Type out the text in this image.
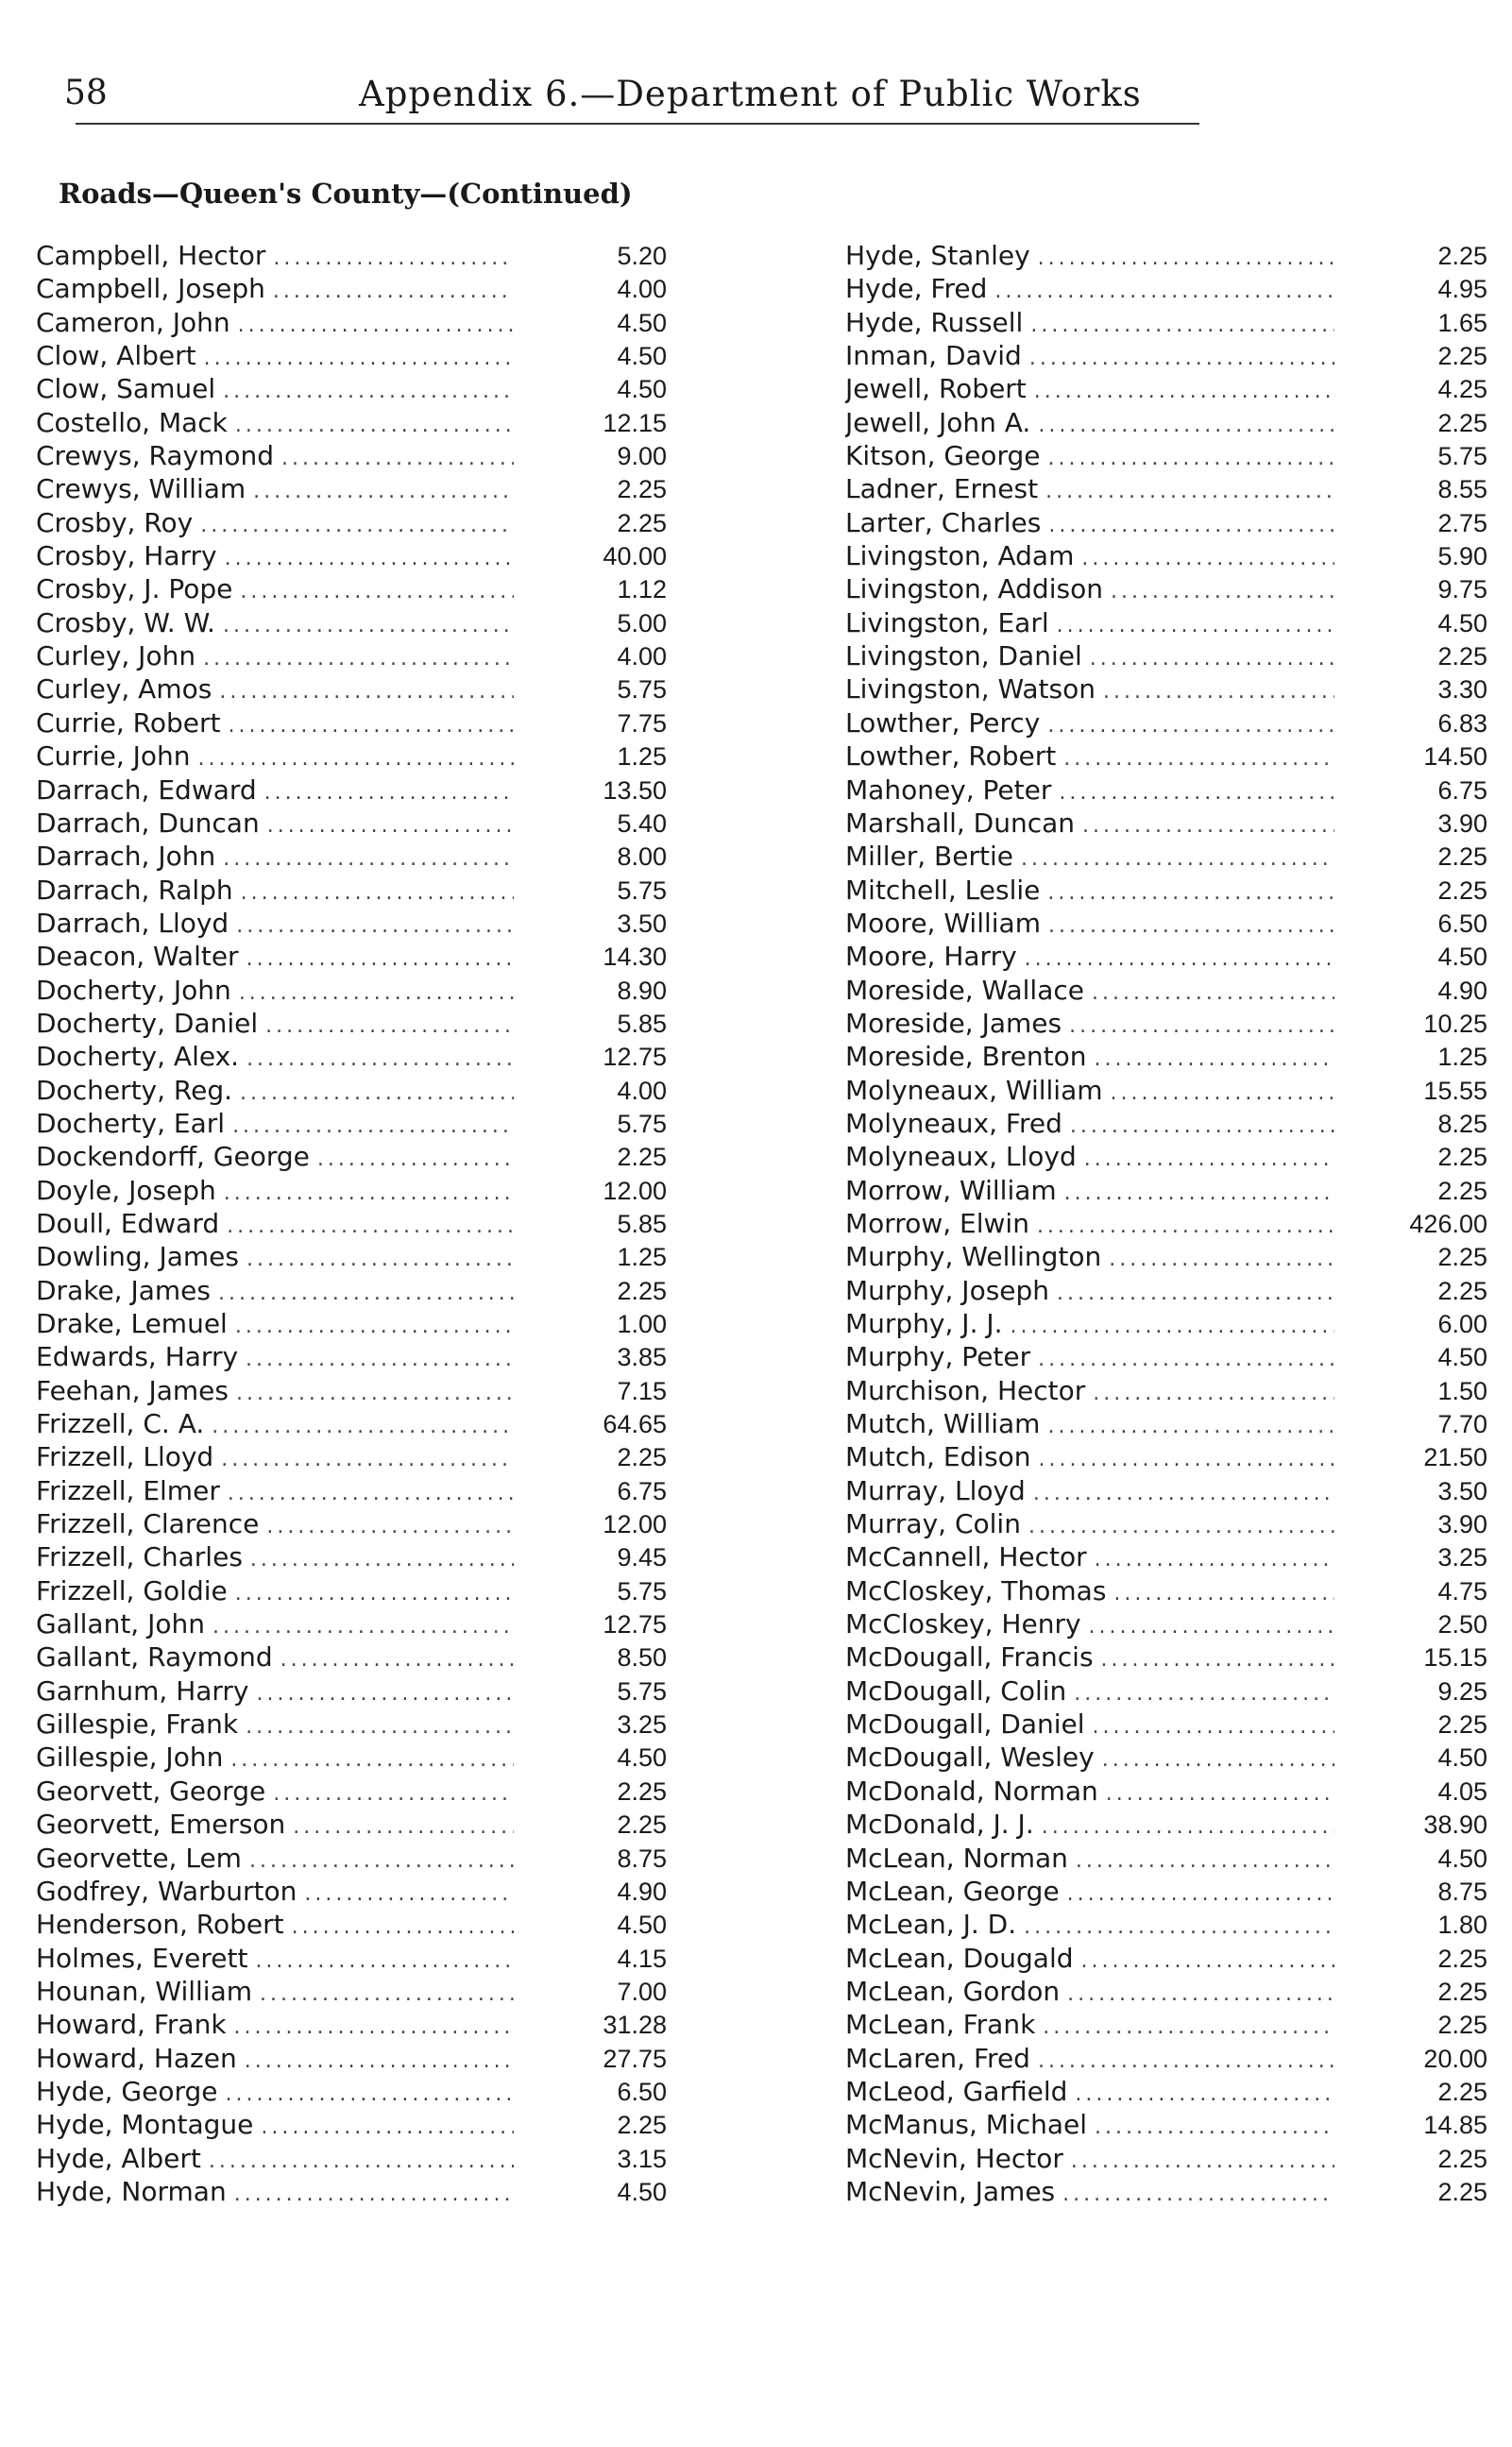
58	Appendix 6.—Department of Public Works
Roads—Queen's County—(Continued)
Campbell, Hector .....	5.20
Campbell, Joseph .....	4.00
Cameron, John .....	4.50
Clow, Albert .....	4.50
Clow, Samuel .....	4.50
Costello, Mack .....	12.15
Crewys, Raymond .....	9.00
Crewys, William .....	2.25
Crosby, Roy .....	2.25
Crosby, Harry .....	40.00
Crosby, J. Pope .....	1.12
Crosby, W. W. .....	5.00
Curley, John .....	4.00
Curley, Amos .....	5.75
Currie, Robert .....	7.75
Currie, John .....	1.25
Darrach, Edward .....	13.50
Darrach, Duncan .....	5.40
Darrach, John .....	8.00
Darrach, Ralph .....	5.75
Darrach, Lloyd .....	3.50
Deacon, Walter .....	14.30
Docherty, John .....	8.90
Docherty, Daniel .....	5.85
Docherty, Alex. .....	12.75
Docherty, Reg. .....	4.00
Docherty, Earl .....	5.75
Dockendorff, George .....	2.25
Doyle, Joseph .....	12.00
Doull, Edward .....	5.85
Dowling, James .....	1.25
Drake, James .....	2.25
Drake, Lemuel .....	1.00
Edwards, Harry .....	3.85
Feehan, James .....	7.15
Frizzell, C. A. .....	64.65
Frizzell, Lloyd .....	2.25
Frizzell, Elmer .....	6.75
Frizzell, Clarence .....	12.00
Frizzell, Charles .....	9.45
Frizzell, Goldie .....	5.75
Gallant, John .....	12.75
Gallant, Raymond .....	8.50
Garnhum, Harry .....	5.75
Gillespie, Frank .....	3.25
Gillespie, John .....	4.50
Georvett, George .....	2.25
Georvett, Emerson .....	2.25
Georvette, Lem .....	8.75
Godfrey, Warburton .....	4.90
Henderson, Robert .....	4.50
Holmes, Everett .....	4.15
Hounan, William .....	7.00
Howard, Frank .....	31.28
Howard, Hazen .....	27.75
Hyde, George .....	6.50
Hyde, Montague .....	2.25
Hyde, Albert .....	3.15
Hyde, Norman .....	4.50
Hyde, Stanley .....	2.25
Hyde, Fred .....	4.95
Hyde, Russell .....	1.65
Inman, David .....	2.25
Jewell, Robert .....	4.25
Jewell, John A. .....	2.25
Kitson, George .....	5.75
Ladner, Ernest .....	8.55
Larter, Charles .....	2.75
Livingston, Adam .....	5.90
Livingston, Addison .....	9.75
Livingston, Earl .....	4.50
Livingston, Daniel .....	2.25
Livingston, Watson .....	3.30
Lowther, Percy .....	6.83
Lowther, Robert .....	14.50
Mahoney, Peter .....	6.75
Marshall, Duncan .....	3.90
Miller, Bertie .....	2.25
Mitchell, Leslie .....	2.25
Moore, William .....	6.50
Moore, Harry .....	4.50
Moreside, Wallace .....	4.90
Moreside, James .....	10.25
Moreside, Brenton .....	1.25
Molyneaux, William .....	15.55
Molyneaux, Fred .....	8.25
Molyneaux, Lloyd .....	2.25
Morrow, William .....	2.25
Morrow, Elwin .....	426.00
Murphy, Wellington .....	2.25
Murphy, Joseph .....	2.25
Murphy, J. J. .....	6.00
Murphy, Peter .....	4.50
Murchison, Hector .....	1.50
Mutch, William .....	7.70
Mutch, Edison .....	21.50
Murray, Lloyd .....	3.50
Murray, Colin .....	3.90
McCannell, Hector .....	3.25
McCloskey, Thomas .....	4.75
McCloskey, Henry .....	2.50
McDougall, Francis .....	15.15
McDougall, Colin .....	9.25
McDougall, Daniel .....	2.25
McDougall, Wesley .....	4.50
McDonald, Norman .....	4.05
McDonald, J. J. .....	38.90
McLean, Norman .....	4.50
McLean, George .....	8.75
McLean, J. D. .....	1.80
McLean, Dougald .....	2.25
McLean, Gordon .....	2.25
McLean, Frank .....	2.25
McLaren, Fred .....	20.00
McLeod, Garfield .....	2.25
McManus, Michael .....	14.85
McNevin, Hector .....	2.25
McNevin, James .....	2.25
